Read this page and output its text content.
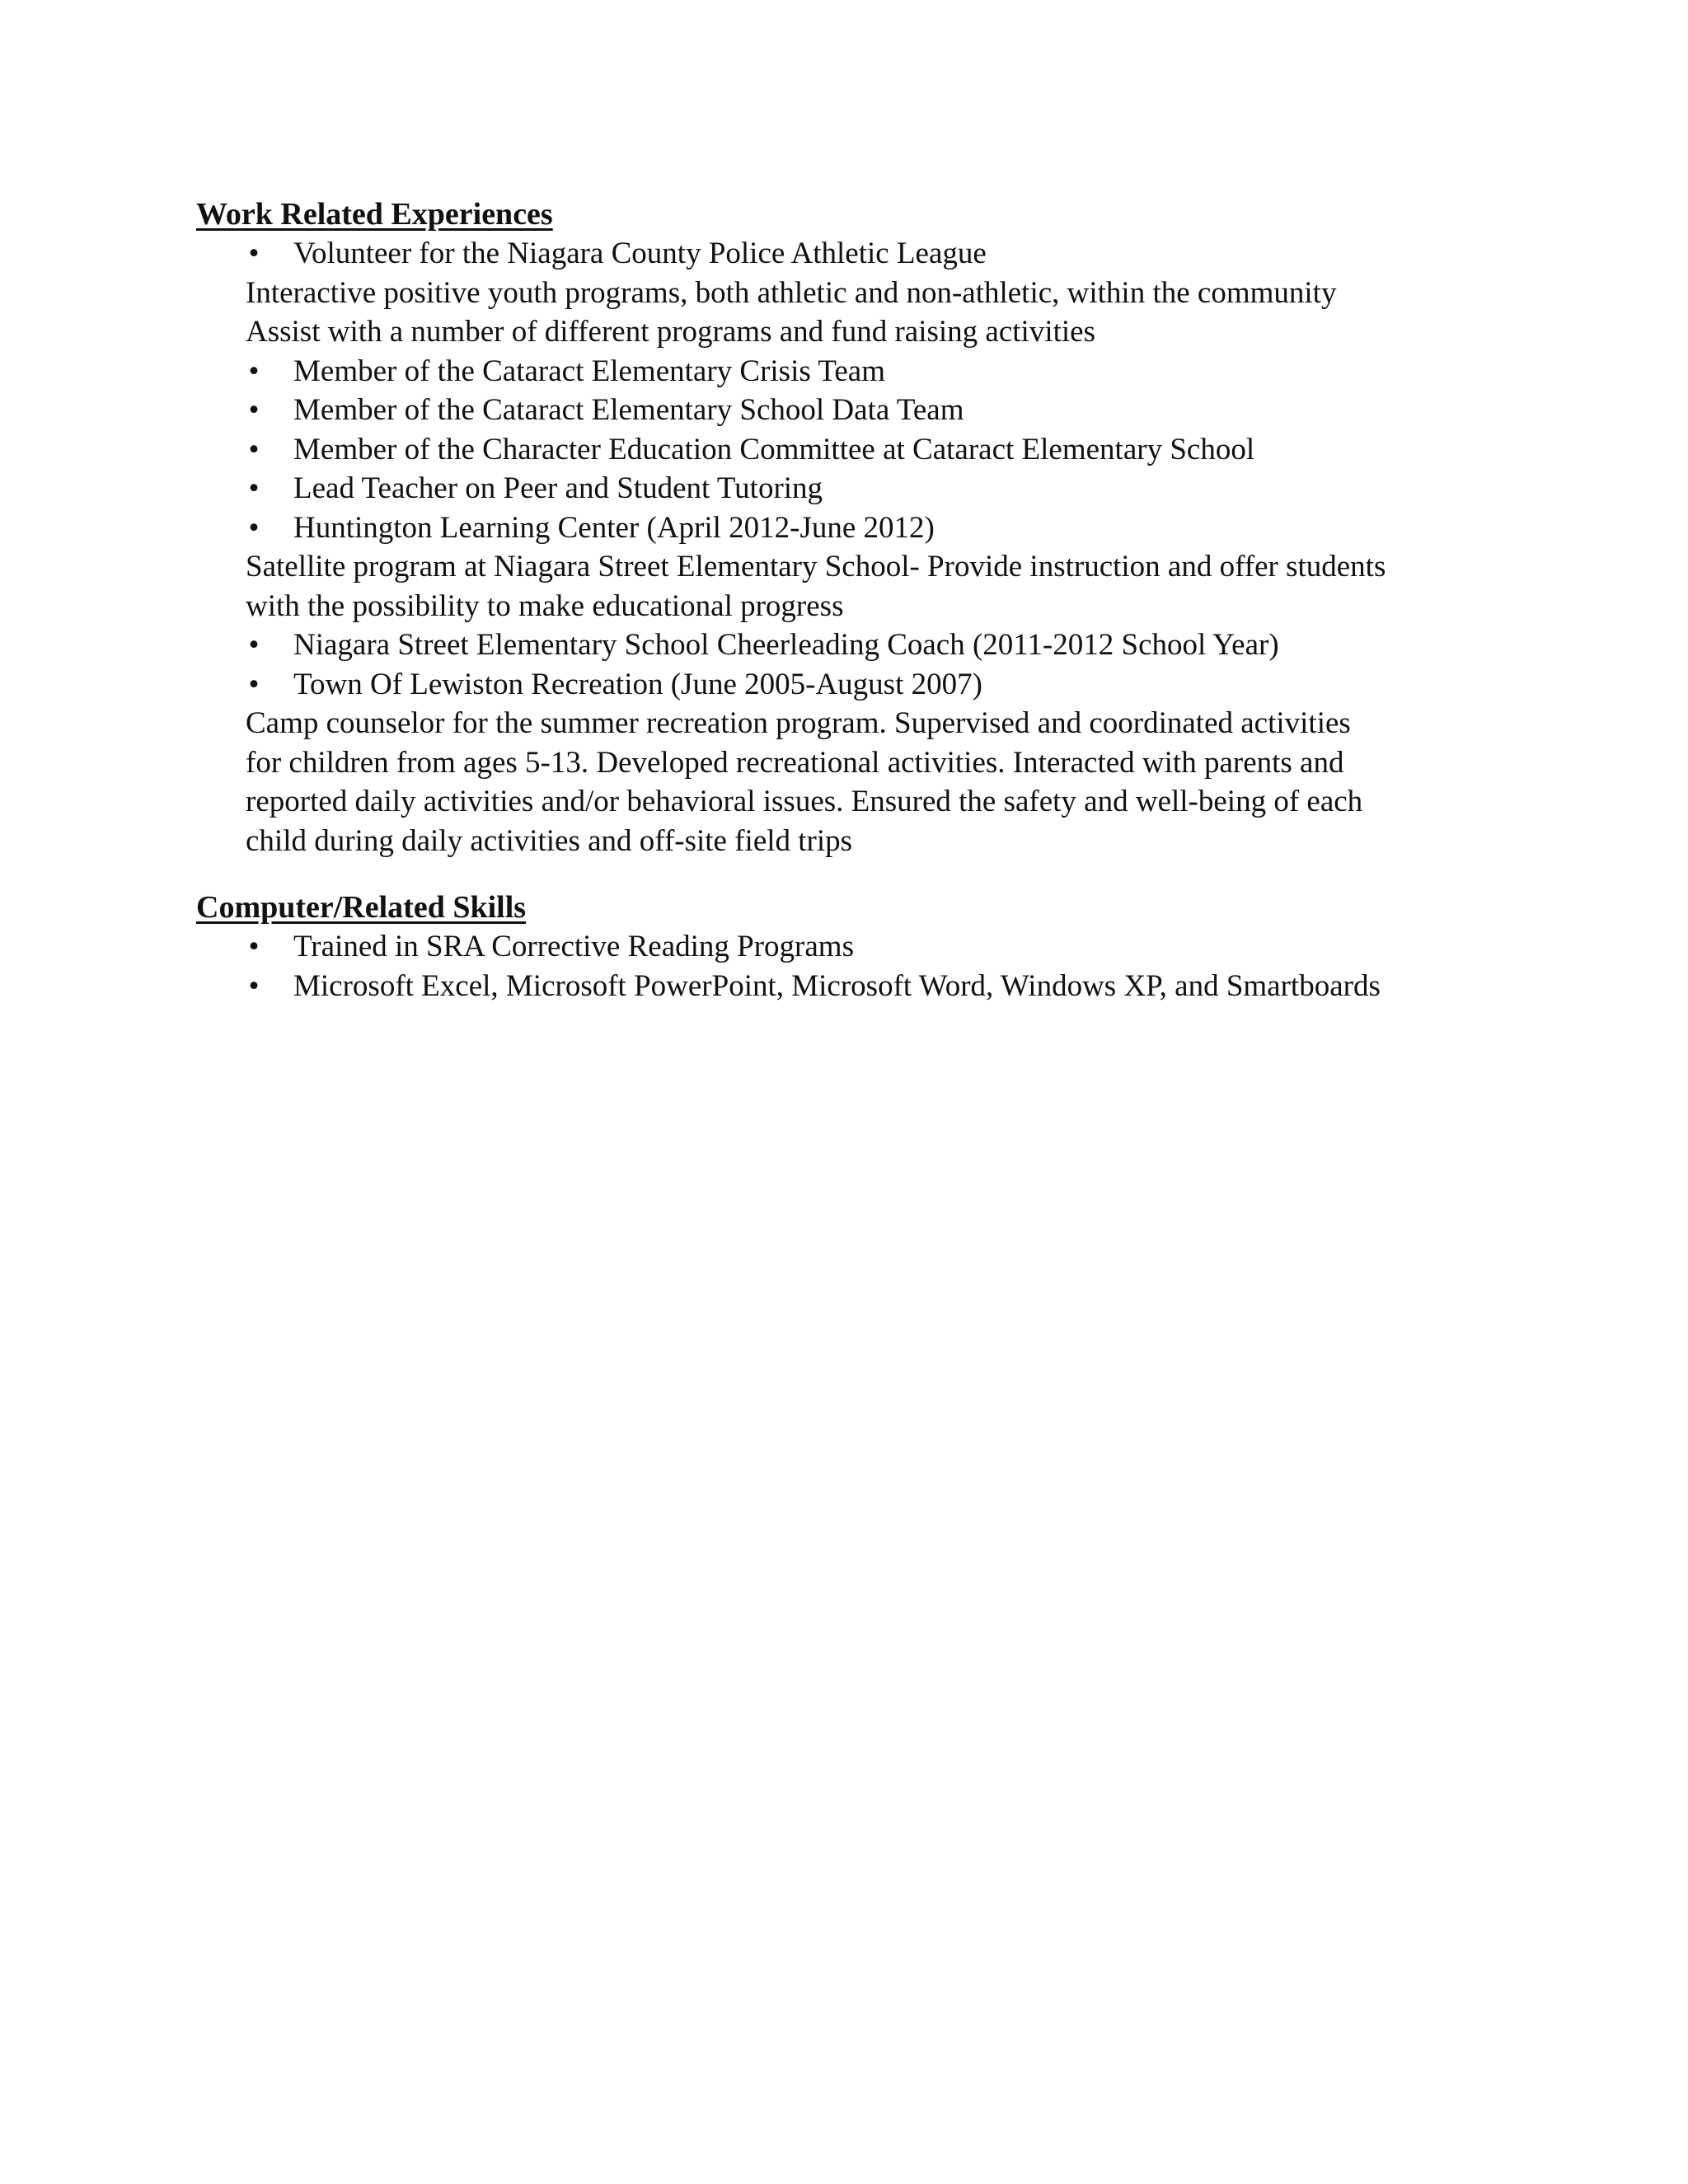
Work Related Experiences
• Volunteer for the Niagara County Police Athletic League
Interactive positive youth programs, both athletic and non-athletic, within the community
Assist with a number of different programs and fund raising activities
• Member of the Cataract Elementary Crisis Team
• Member of the Cataract Elementary School Data Team
• Member of the Character Education Committee at Cataract Elementary School
• Lead Teacher on Peer and Student Tutoring
• Huntington Learning Center (April 2012-June 2012)
Satellite program at Niagara Street Elementary School- Provide instruction and offer students
with the possibility to make educational progress
• Niagara Street Elementary School Cheerleading Coach (2011-2012 School Year)
• Town Of Lewiston Recreation (June 2005-August 2007)
Camp counselor for the summer recreation program. Supervised and coordinated activities
for children from ages 5-13. Developed recreational activities. Interacted with parents and
reported daily activities and/or behavioral issues. Ensured the safety and well-being of each
child during daily activities and off-site field trips
Computer/Related Skills
• Trained in SRA Corrective Reading Programs
• Microsoft Excel, Microsoft PowerPoint, Microsoft Word, Windows XP, and Smartboards
